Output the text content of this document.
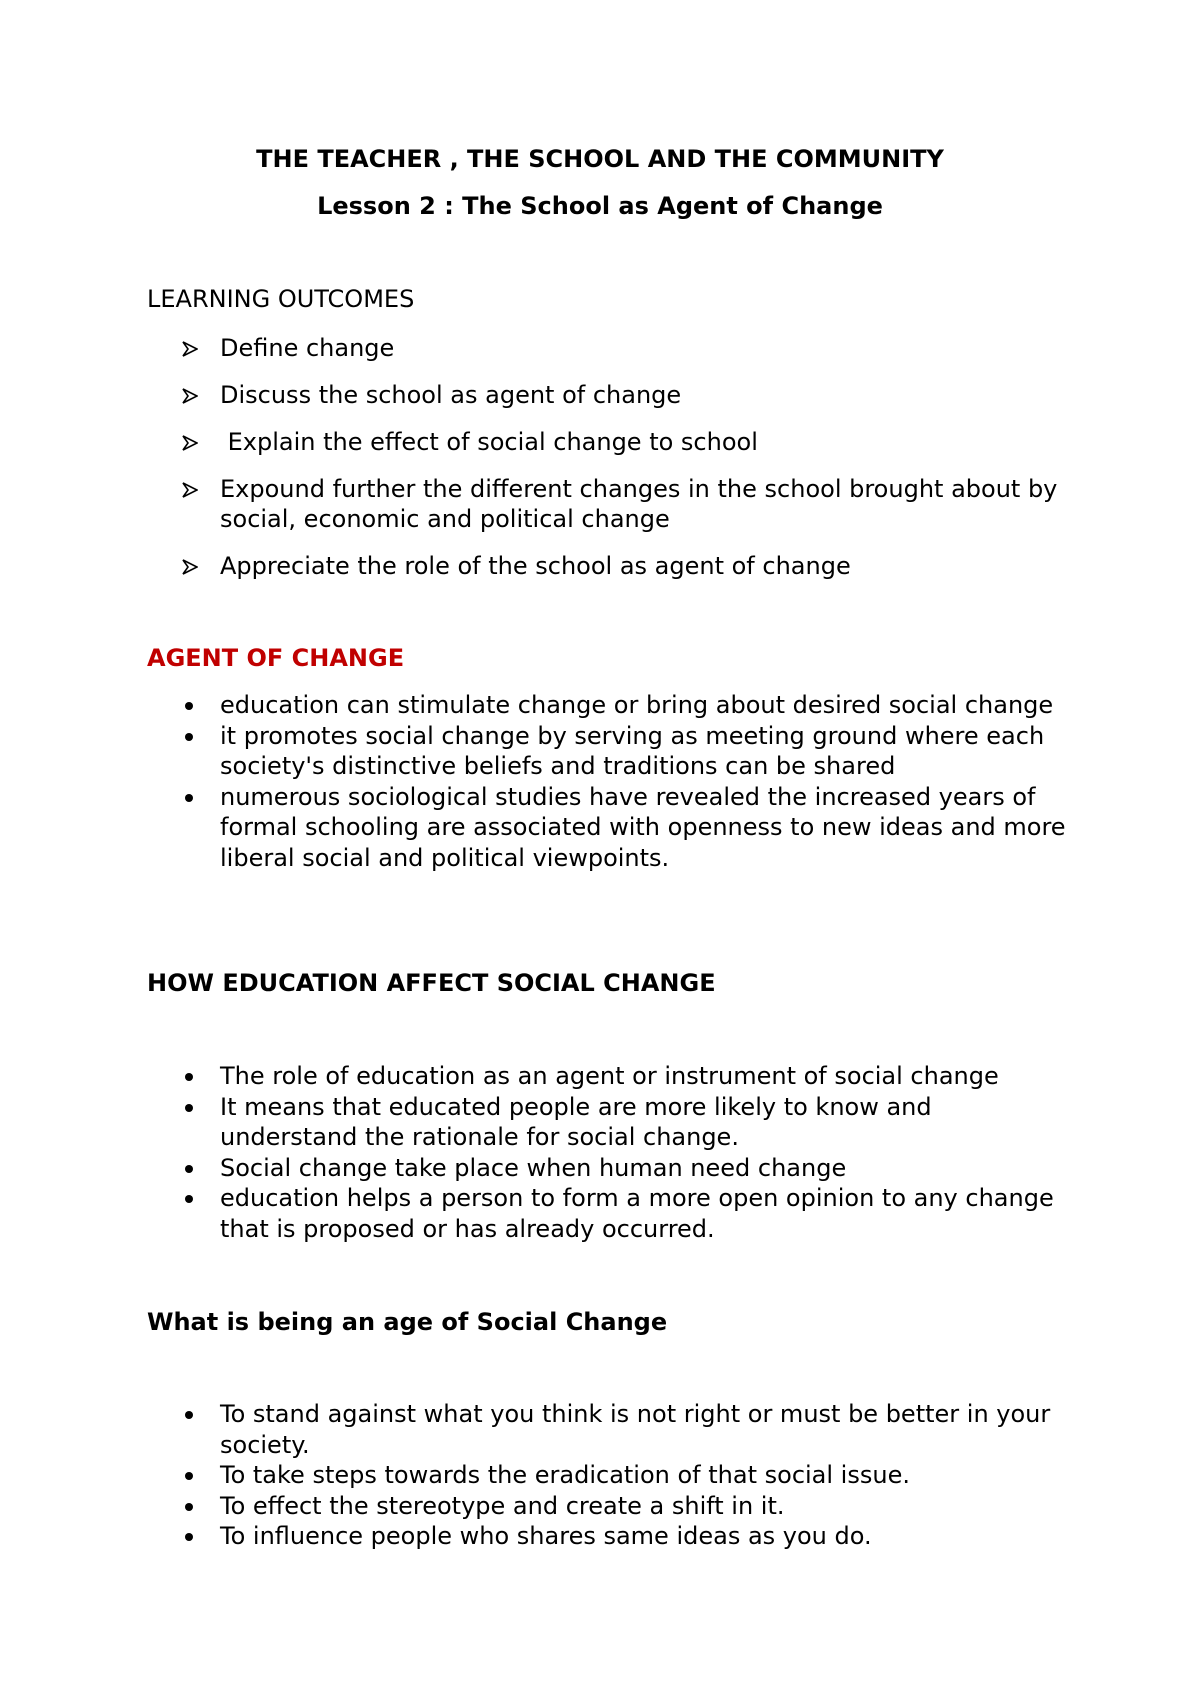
THE TEACHER , THE SCHOOL AND THE COMMUNITY
Lesson 2 : The School as Agent of Change

LEARNING OUTCOMES

Define change
Discuss the school as agent of change
Explain the effect of social change to school
Expound further the different changes in the school brought about by social, economic and political change
Appreciate the role of the school as agent of change

AGENT OF CHANGE

education can stimulate change or bring about desired social change
it promotes social change by serving as meeting ground where each society's distinctive beliefs and traditions can be shared
numerous sociological studies have revealed the increased years of formal schooling are associated with openness to new ideas and more liberal social and political viewpoints.

HOW EDUCATION AFFECT SOCIAL CHANGE

The role of education as an agent or instrument of social change
It means that educated people are more likely to know and understand the rationale for social change.
Social change take place when human need change
education helps a person to form a more open opinion to any change that is proposed or has already occurred.

What is being an age of Social Change

To stand against what you think is not right or must be better in your society.
To take steps towards the eradication of that social issue.
To effect the stereotype and create a shift in it.
To influence people who shares same ideas as you do.
